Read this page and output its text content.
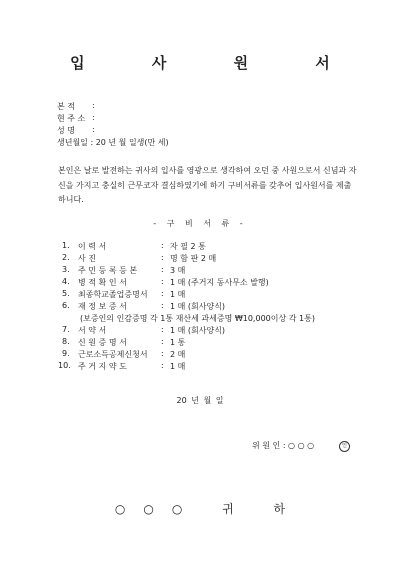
입 사 원 서
본 적	:
현 주 소 :
성 명	:
생년월일 : 20 년 월 일생(만 세)
본인은 날로 발전하는 귀사의 입사를 영광으로 생각하여 오던 중 사원으로서 신념과 자신을 가지고 충실히 근무코자 결심하였기에 하기 구비서류를 갖추어 입사원서를 제출하니다.
- 구 비 서 류 -
1.	이 력 서	: 자 필 2 통
2.	사 진	: 명 함 판 2 매
3.	주 민 등 록 등 본	: 3 매
4.	병 적 확 인 서	: 1 매 (주거지 동사무소 발행)
5.	최종학교졸업증명서	: 1 매
6.	재 정 보 증 서	: 1 매 (회사양식)
(보증인의 인감증명 각 1통 재산세 과세증명 ₩10,000이상 각 1통)
7.	서 약 서	: 1 매 (회사양식)
8.	신 원 증 명 서	: 1 통
9.	근로소득공제신청서	: 2 매
10. 주 거 지 약 도	: 1 매
20 년 월 일
위 원 인 : ○ ○ ○	인
○○○ 귀 하
